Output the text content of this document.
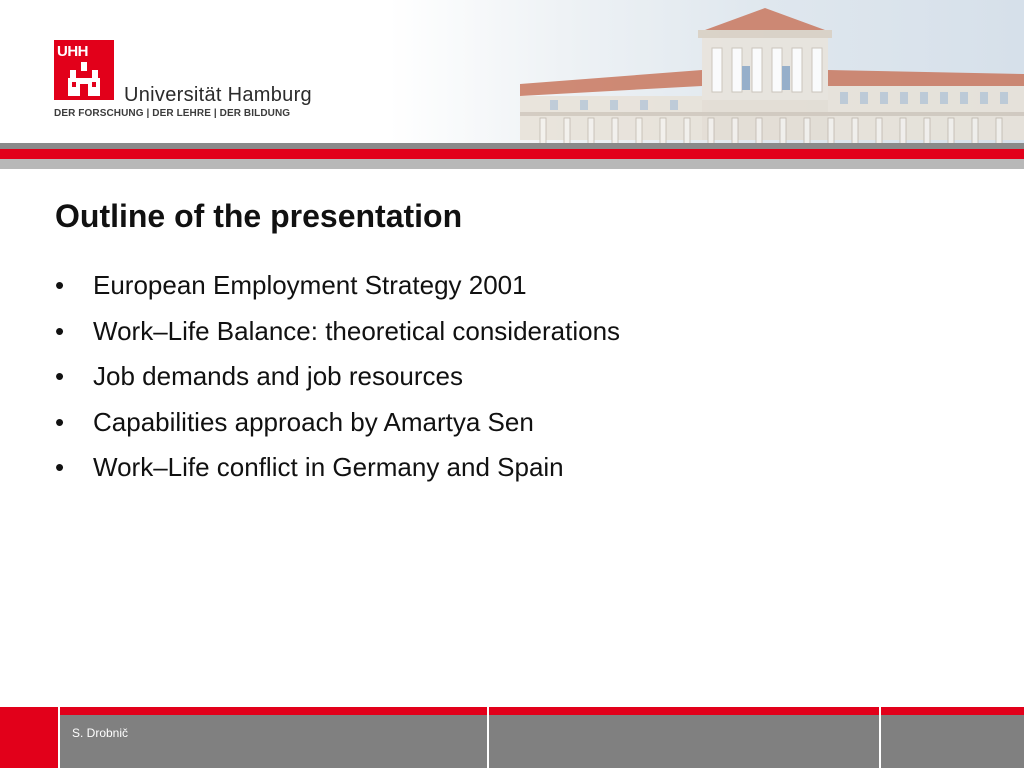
UHH
Universität Hamburg
DER FORSCHUNG | DER LEHRE | DER BILDUNG
Outline of the presentation
•	European Employment Strategy 2001
•	Work–Life Balance: theoretical considerations
•	Job demands and job resources
•	Capabilities approach by Amartya Sen
•	Work–Life conflict in Germany and Spain
S. Drobnič
